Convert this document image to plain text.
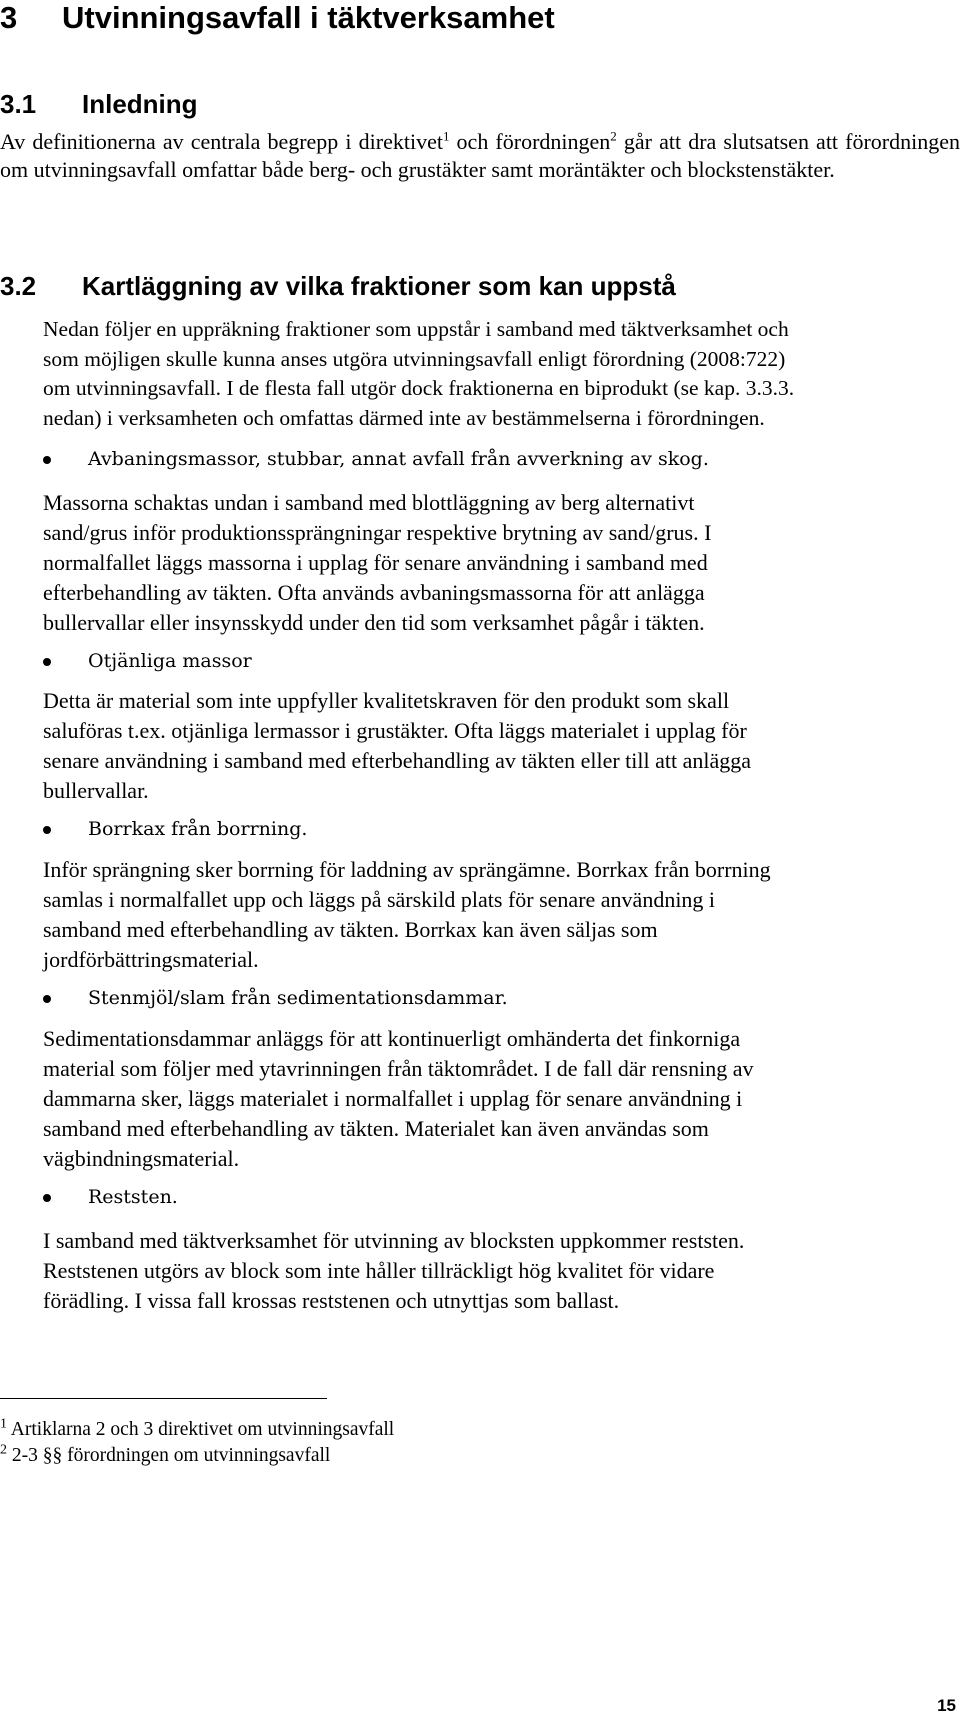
3 Utvinningsavfall i täktverksamhet
3.1 Inledning

Av definitionerna av centrala begrepp i direktivet$^1$ och förordningen$^2$ går att dra slutsatsen att förordningen om utvinningsavfall omfattar både berg- och grustäkter samt moräntäkter och blockstenstäkter.

3.2 Kartläggning av vilka fraktioner som kan uppstå

Nedan följer en uppräkning fraktioner som uppstår i samband med täktverksamhet och
som möjligen skulle kunna anses utgöra utvinningsavfall enligt förordning (2008:722)
om utvinningsavfall. I de flesta fall utgör dock fraktionerna en biprodukt (se kap. 3.3.3.
nedan) i verksamheten och omfattas därmed inte av bestämmelserna i förordningen.

Avbaningsmassor, stubbar, annat avfall från avverkning av skog.

Massorna schaktas undan i samband med blottläggning av berg alternativt
sand/grus inför produktionssprängningar respektive brytning av sand/grus. I
normalfallet läggs massorna i upplag för senare användning i samband med
efterbehandling av täkten. Ofta används avbaningsmassorna för att anlägga
bullervallar eller insynsskydd under den tid som verksamhet pågår i täkten.

Otjänliga massor

Detta är material som inte uppfyller kvalitetskraven för den produkt som skall
saluföras t.ex. otjänliga lermassor i grustäkter. Ofta läggs materialet i upplag för
senare användning i samband med efterbehandling av täkten eller till att anlägga
bullervallar.

Borrkax från borrning.

Inför sprängning sker borrning för laddning av sprängämne. Borrkax från borrning
samlas i normalfallet upp och läggs på särskild plats för senare användning i
samband med efterbehandling av täkten. Borrkax kan även säljas som
jordförbättringsmaterial.

Stenmjöl/slam från sedimentationsdammar.

Sedimentationsdammar anläggs för att kontinuerligt omhänderta det finkorniga
material som följer med ytavrinningen från täktområdet. I de fall där rensning av
dammarna sker, läggs materialet i normalfallet i upplag för senare användning i
samband med efterbehandling av täkten. Materialet kan även användas som
vägbindningsmaterial.

Reststen.

I samband med täktverksamhet för utvinning av blocksten uppkommer reststen.
Reststenen utgörs av block som inte håller tillräckligt hög kvalitet för vidare
förädling. I vissa fall krossas reststenen och utnyttjas som ballast.

$^1$ Artiklarna 2 och 3 direktivet om utvinningsavfall
$^2$ 2-3 §§ förordningen om utvinningsavfall
15
